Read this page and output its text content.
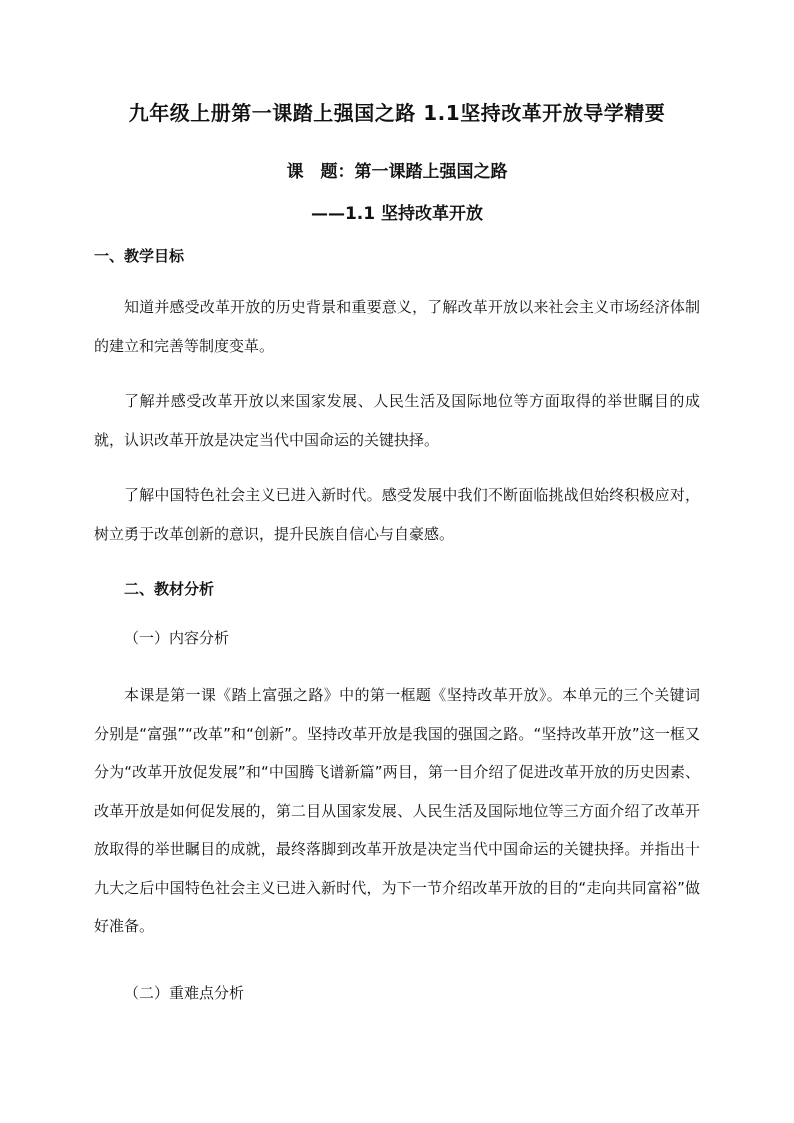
九年级上册第一课踏上强国之路 1.1坚持改革开放导学精要
课　题：第一课踏上强国之路
——1.1 坚持改革开放
一、教学目标

知道并感受改革开放的历史背景和重要意义，了解改革开放以来社会主义市场经济体制的建立和完善等制度变革。

了解并感受改革开放以来国家发展、人民生活及国际地位等方面取得的举世瞩目的成就，认识改革开放是决定当代中国命运的关键抉择。

了解中国特色社会主义已进入新时代。感受发展中我们不断面临挑战但始终积极应对，树立勇于改革创新的意识，提升民族自信心与自豪感。

二、教材分析
（一）内容分析

本课是第一课《踏上富强之路》中的第一框题《坚持改革开放》。本单元的三个关键词分别是“富强”“改革”和“创新”。坚持改革开放是我国的强国之路。“坚持改革开放”这一框又分为“改革开放促发展”和“中国腾飞谱新篇”两目，第一目介绍了促进改革开放的历史因素、改革开放是如何促发展的，第二目从国家发展、人民生活及国际地位等三方面介绍了改革开放取得的举世瞩目的成就，最终落脚到改革开放是决定当代中国命运的关键抉择。并指出十九大之后中国特色社会主义已进入新时代，为下一节介绍改革开放的目的“走向共同富裕”做好准备。

（二）重难点分析
